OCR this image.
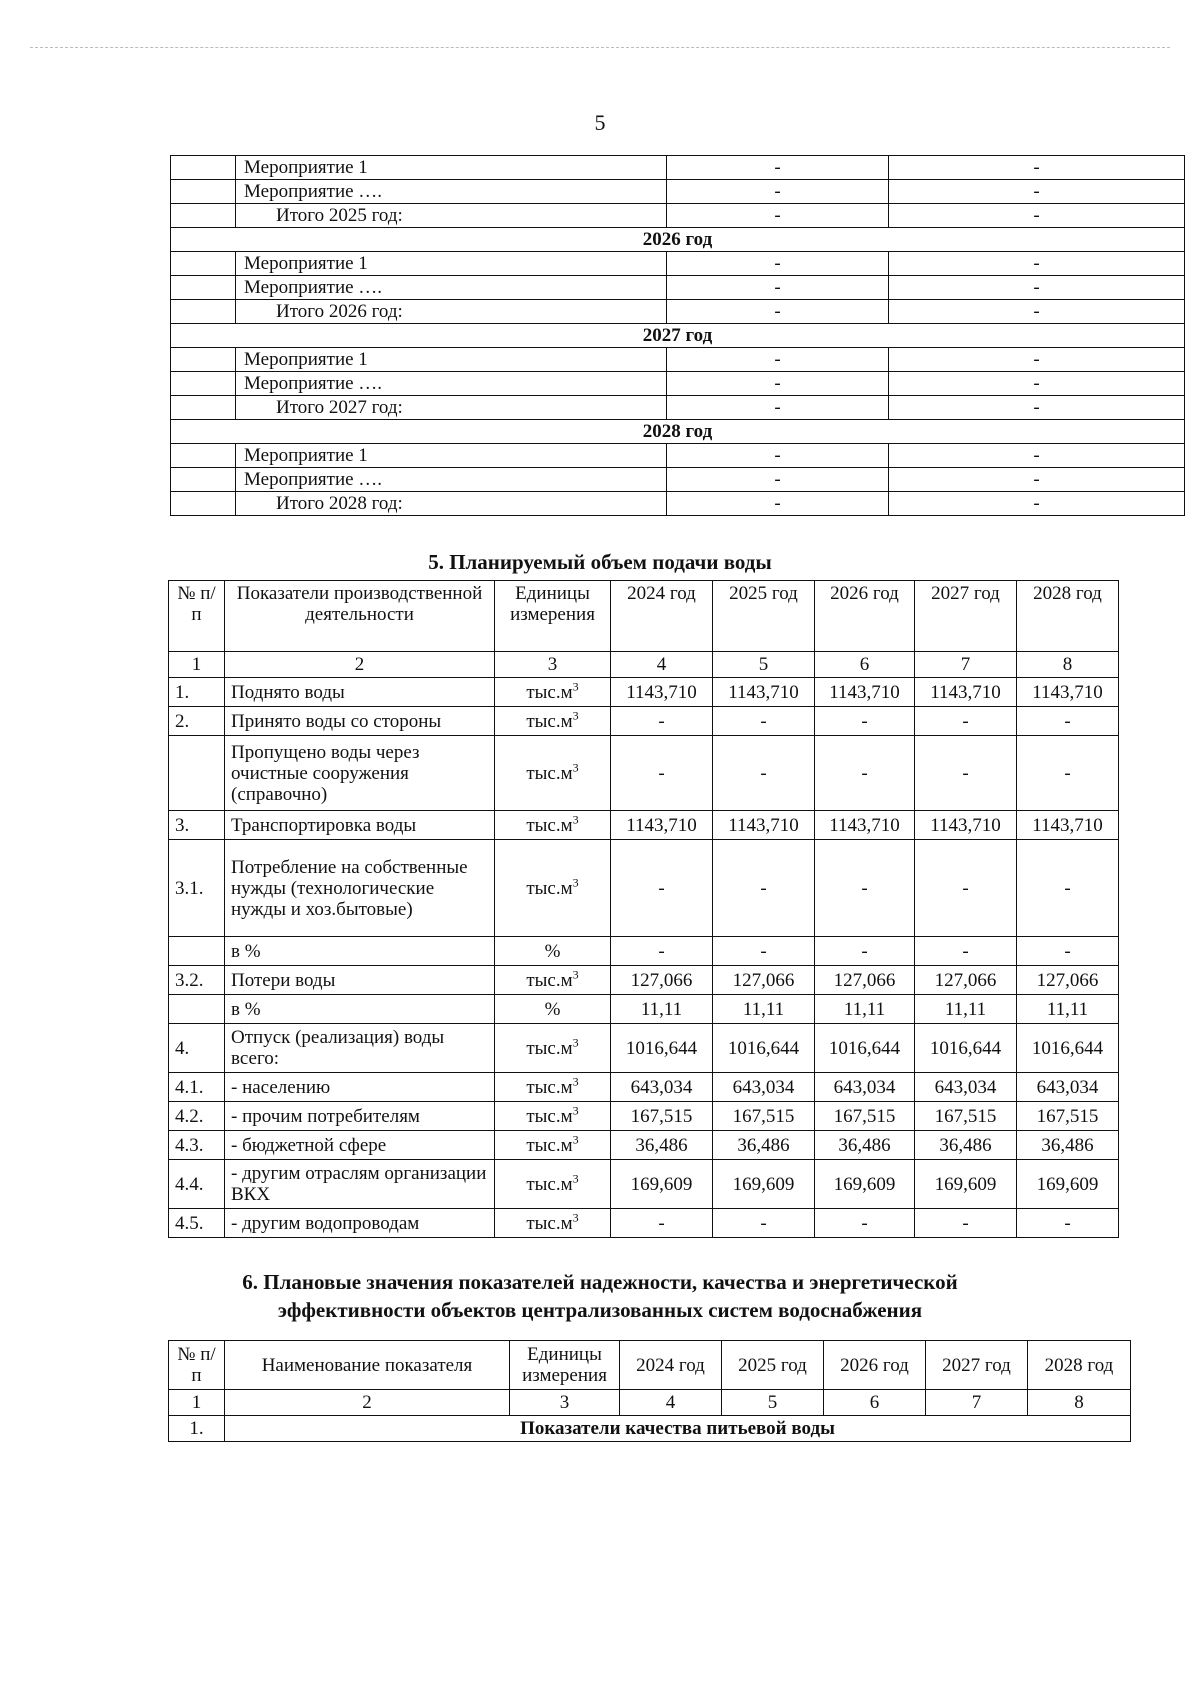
5
	Мероприятие 1	-	-
	Мероприятие ….	-	-
	Итого 2025 год:	-	-
2026 год			
	Мероприятие 1	-	-
	Мероприятие ….	-	-
	Итого 2026 год:	-	-
2027 год			
	Мероприятие 1	-	-
	Мероприятие ….	-	-
	Итого 2027 год:	-	-
2028 год			
	Мероприятие 1	-	-
	Мероприятие ….	-	-
	Итого 2028 год:	-	-
5. Планируемый объем подачи воды
№ п/п	Показатели производственной деятельности	Единицы измерения	2024 год	2025 год	2026 год	2027 год	2028 год
1	2	3	4	5	6	7	8
1.	Поднято воды	$тыс.м^3$	1143,710	1143,710	1143,710	1143,710	1143,710
2.	Принято воды со стороны	$тыс.м^3$	-	-	-	-	-
	Пропущено воды через очистные сооружения (справочно)	$тыс.м^3$	-	-	-	-	-
3.	Транспортировка воды	$тыс.м^3$	1143,710	1143,710	1143,710	1143,710	1143,710
3.1.	Потребление на собственные нужды (технологические нужды и хоз.бытовые)	$тыс.м^3$	-	-	-	-	-
	в %	%	-	-	-	-	-
3.2.	Потери воды	$тыс.м^3$	127,066	127,066	127,066	127,066	127,066
	в %	%	11,11	11,11	11,11	11,11	11,11
4.	Отпуск (реализация) воды всего:	$тыс.м^3$	1016,644	1016,644	1016,644	1016,644	1016,644
4.1.	- населению	$тыс.м^3$	643,034	643,034	643,034	643,034	643,034
4.2.	- прочим потребителям	$тыс.м^3$	167,515	167,515	167,515	167,515	167,515
4.3.	- бюджетной сфере	$тыс.м^3$	36,486	36,486	36,486	36,486	36,486
4.4.	- другим отраслям организации ВКХ	$тыс.м^3$	169,609	169,609	169,609	169,609	169,609
4.5.	- другим водопроводам	$тыс.м^3$	-	-	-	-	-
6. Плановые значения показателей надежности, качества и энергетической
эффективности объектов централизованных систем водоснабжения
№ п/п	Наименование показателя	Единицы измерения	2024 год	2025 год	2026 год	2027 год	2028 год
1	2	3	4	5	6	7	8
1.	Показатели качества питьевой воды						
